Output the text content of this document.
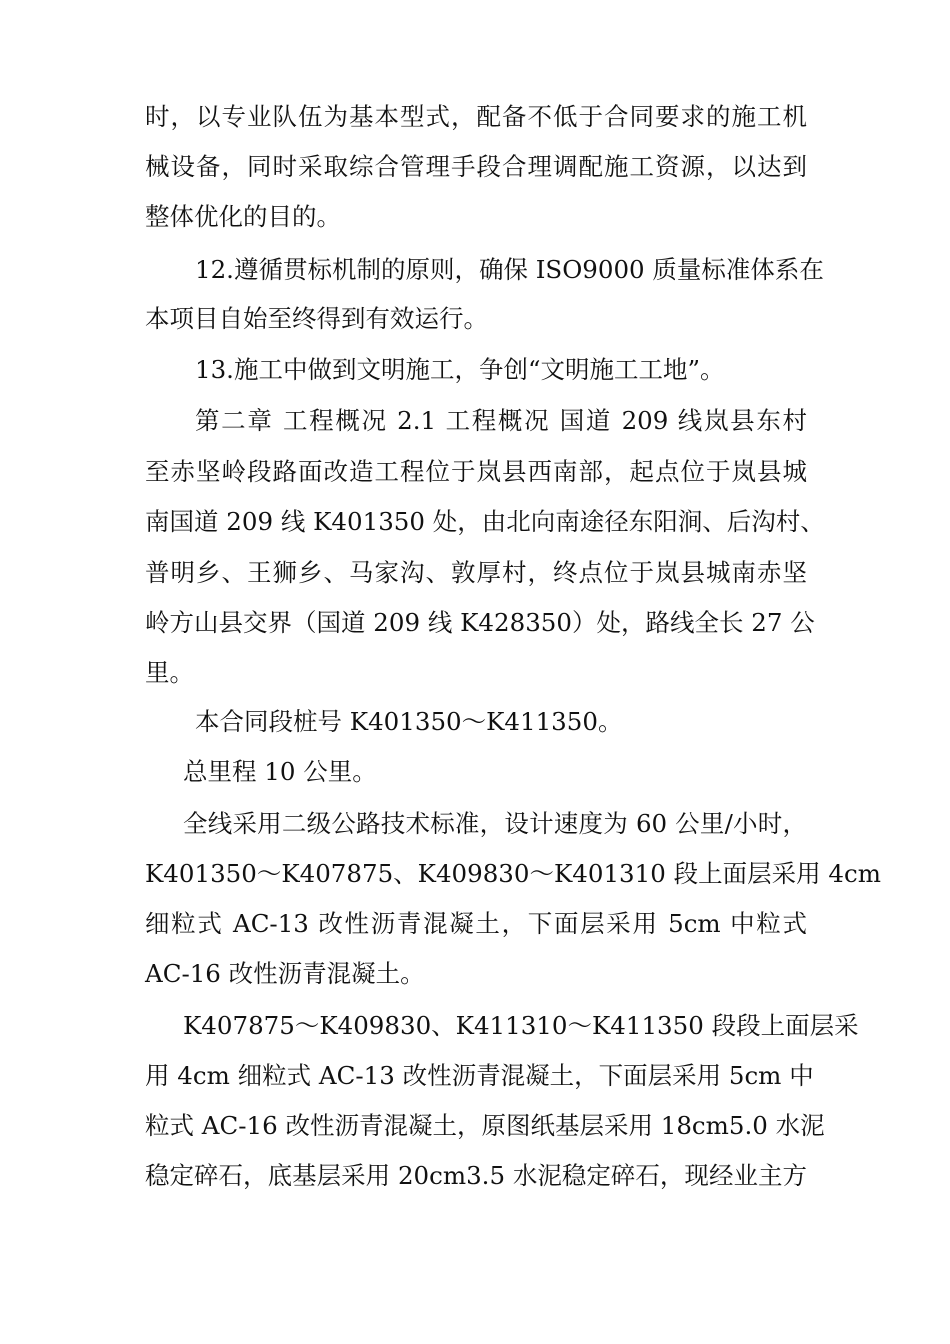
时，以专业队伍为基本型式，配备不低于合同要求的施工机
械设备，同时采取综合管理手段合理调配施工资源，以达到
整体优化的目的。
12.遵循贯标机制的原则，确保 ISO9000 质量标准体系在
本项目自始至终得到有效运行。
13.施工中做到文明施工，争创“文明施工工地”。
第二章 工程概况 2.1 工程概况 国道 209 线岚县东村
至赤坚岭段路面改造工程位于岚县西南部，起点位于岚县城
南国道 209 线 K401350 处，由北向南途径东阳涧、后沟村、
普明乡、王狮乡、马家沟、敦厚村，终点位于岚县城南赤坚
岭方山县交界（国道 209 线 K428350）处，路线全长 27 公
里。
本合同段桩号 K401350～K411350。
总里程 10 公里。
全线采用二级公路技术标准，设计速度为 60 公里/小时，
K401350～K407875、K409830～K401310 段上面层采用 4cm
细粒式 AC-13 改性沥青混凝土，下面层采用 5cm 中粒式
AC-16 改性沥青混凝土。
K407875～K409830、K411310～K411350 段段上面层采
用 4cm 细粒式 AC-13 改性沥青混凝土，下面层采用 5cm 中
粒式 AC-16 改性沥青混凝土，原图纸基层采用 18cm5.0 水泥
稳定碎石，底基层采用 20cm3.5 水泥稳定碎石，现经业主方
